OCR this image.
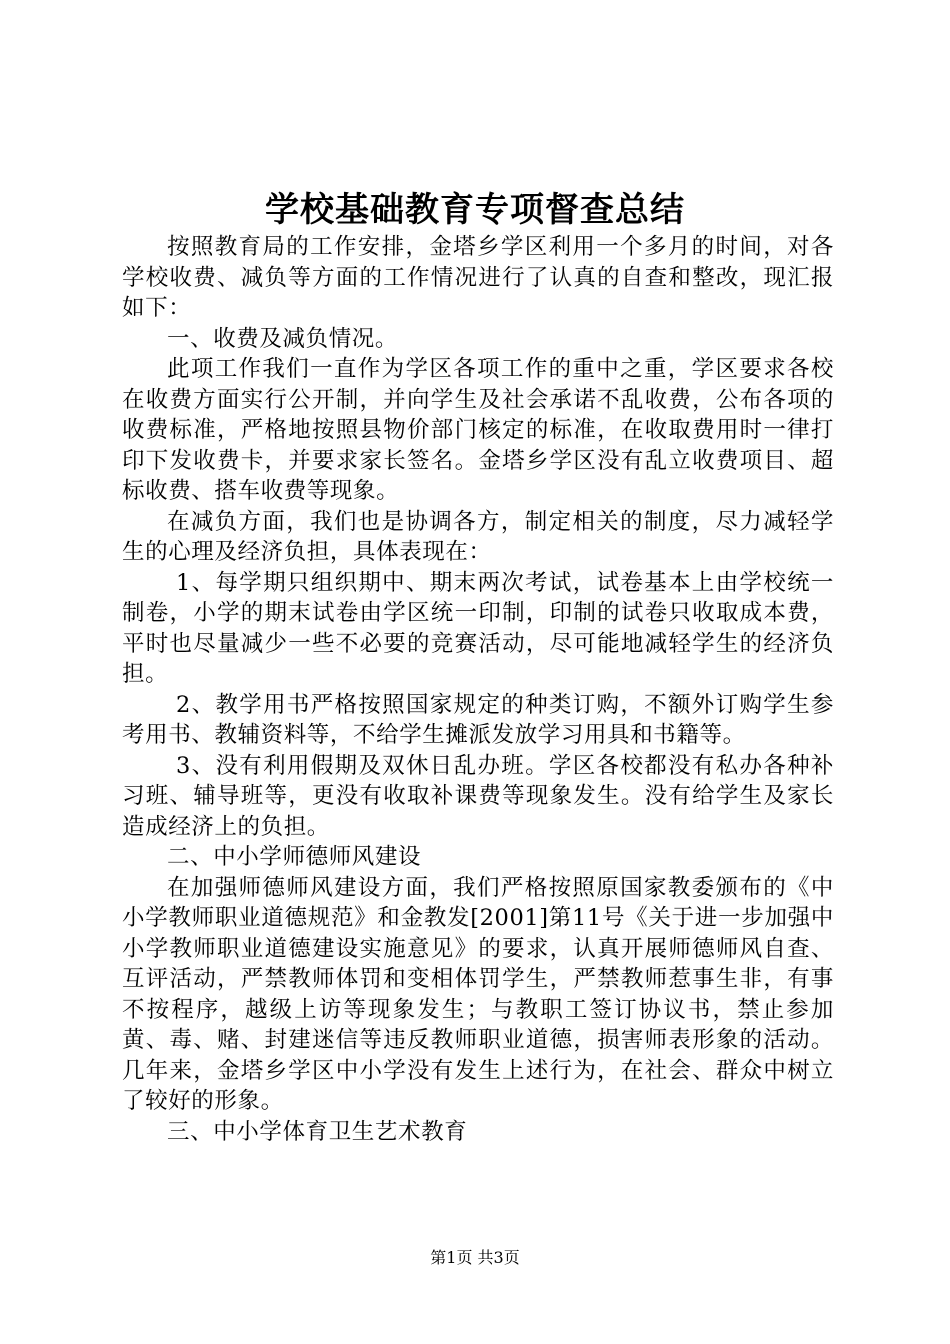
学校基础教育专项督查总结

按照教育局的工作安排，金塔乡学区利用一个多月的时间，对各学校收费、减负等方面的工作情况进行了认真的自查和整改，现汇报如下：

一、收费及减负情况。

此项工作我们一直作为学区各项工作的重中之重，学区要求各校在收费方面实行公开制，并向学生及社会承诺不乱收费，公布各项的收费标准，严格地按照县物价部门核定的标准，在收取费用时一律打印下发收费卡，并要求家长签名。金塔乡学区没有乱立收费项目、超标收费、搭车收费等现象。

在减负方面，我们也是协调各方，制定相关的制度，尽力减轻学生的心理及经济负担，具体表现在：

1、每学期只组织期中、期末两次考试，试卷基本上由学校统一制卷，小学的期末试卷由学区统一印制，印制的试卷只收取成本费，平时也尽量减少一些不必要的竞赛活动，尽可能地减轻学生的经济负担。

2、教学用书严格按照国家规定的种类订购，不额外订购学生参考用书、教辅资料等，不给学生摊派发放学习用具和书籍等。

3、没有利用假期及双休日乱办班。学区各校都没有私办各种补习班、辅导班等，更没有收取补课费等现象发生。没有给学生及家长造成经济上的负担。

二、中小学师德师风建设

在加强师德师风建设方面，我们严格按照原国家教委颁布的《中小学教师职业道德规范》和金教发[2001]第11号《关于进一步加强中小学教师职业道德建设实施意见》的要求，认真开展师德师风自查、互评活动，严禁教师体罚和变相体罚学生，严禁教师惹事生非，有事不按程序，越级上访等现象发生；与教职工签订协议书，禁止参加黄、毒、赌、封建迷信等违反教师职业道德，损害师表形象的活动。几年来，金塔乡学区中小学没有发生上述行为，在社会、群众中树立了较好的形象。

三、中小学体育卫生艺术教育

第1页 共3页
